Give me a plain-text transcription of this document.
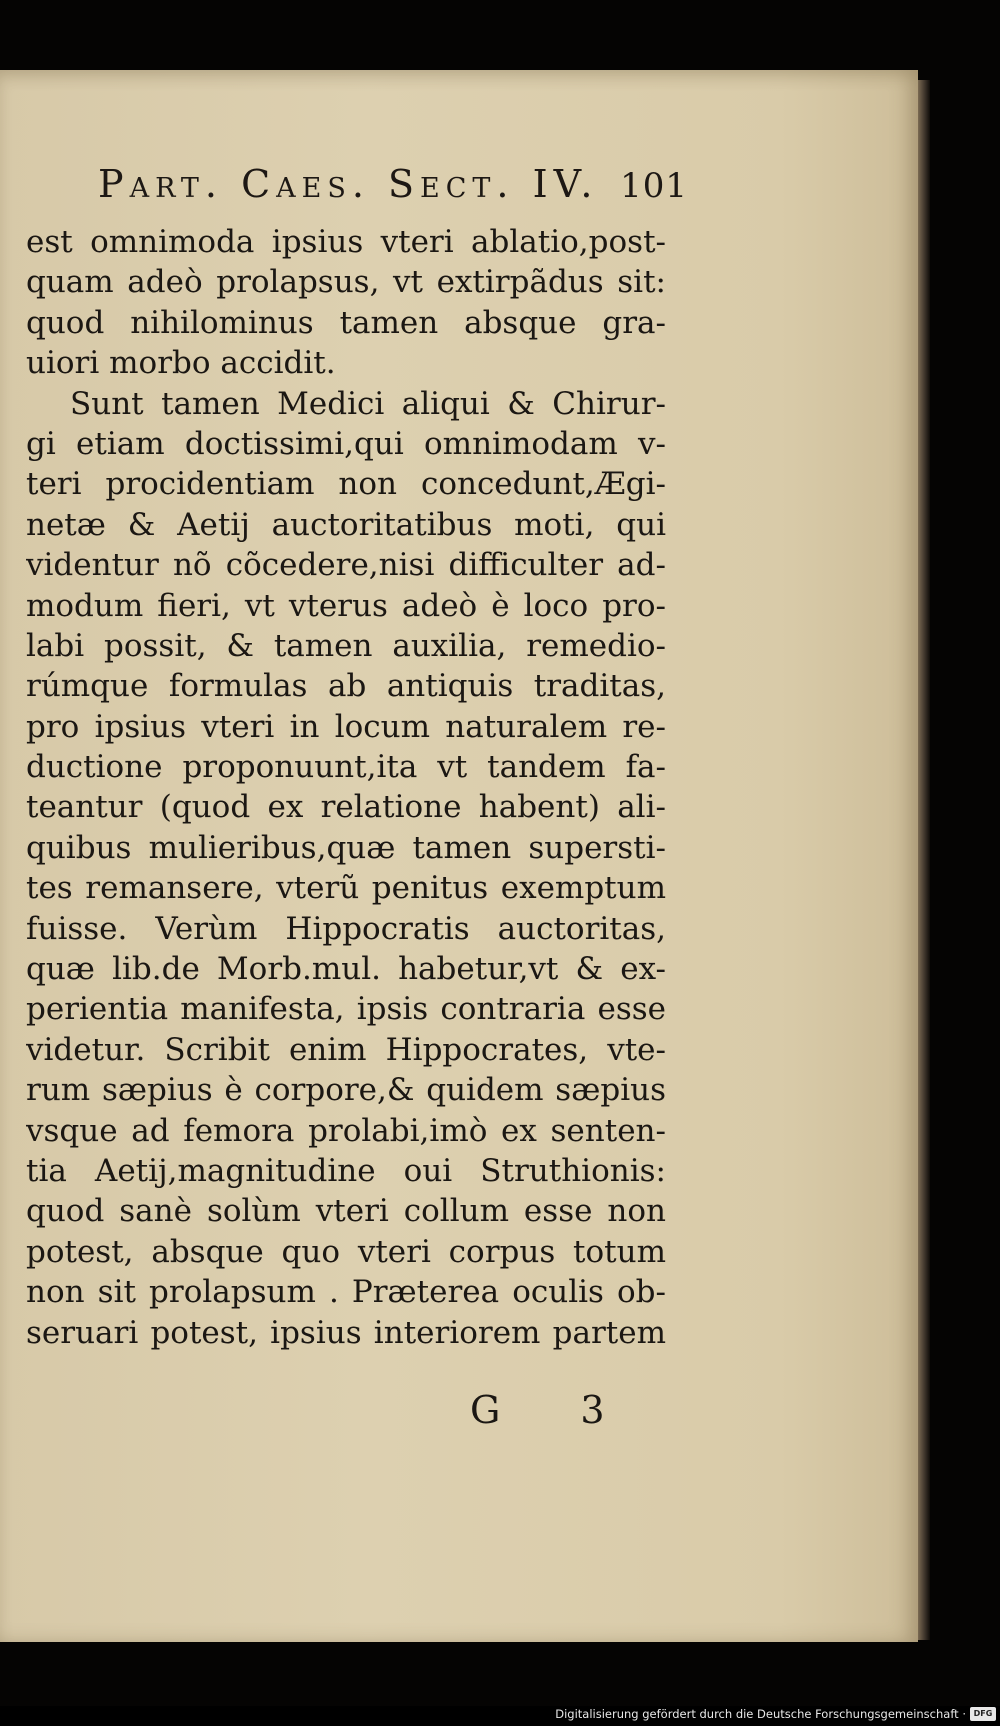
Part. Caes. Sect. IV. 101
est omnimoda ipsius vteri ablatio,post-
quam adeò prolapsus, vt extirpãdus sit:
quod nihilominus tamen absque gra-
uiori morbo accidit.
Sunt tamen Medici aliqui & Chirur-
gi etiam doctissimi,qui omnimodam v-
teri procidentiam non concedunt,Ægi-
netæ & Aetij auctoritatibus moti, qui
videntur nõ cõcedere,nisi difficulter ad-
modum fieri, vt vterus adeò è loco pro-
labi possit, & tamen auxilia, remedio-
rúmque formulas ab antiquis traditas,
pro ipsius vteri in locum naturalem re-
ductione proponuunt,ita vt tandem fa-
teantur (quod ex relatione habent) ali-
quibus mulieribus,quæ tamen supersti-
tes remansere, vterũ penitus exemptum
fuisse. Verùm Hippocratis auctoritas,
quæ lib.de Morb.mul. habetur,vt & ex-
perientia manifesta, ipsis contraria esse
videtur. Scribit enim Hippocrates, vte-
rum sæpius è corpore,& quidem sæpius
vsque ad femora prolabi,imò ex senten-
tia Aetij,magnitudine oui Struthionis:
quod sanè solùm vteri collum esse non
potest, absque quo vteri corpus totum
non sit prolapsum . Præterea oculis ob-
seruari potest, ipsius interiorem partem
G 3
Digitalisierung gefördert durch die Deutsche Forschungsgemeinschaft · DFG
